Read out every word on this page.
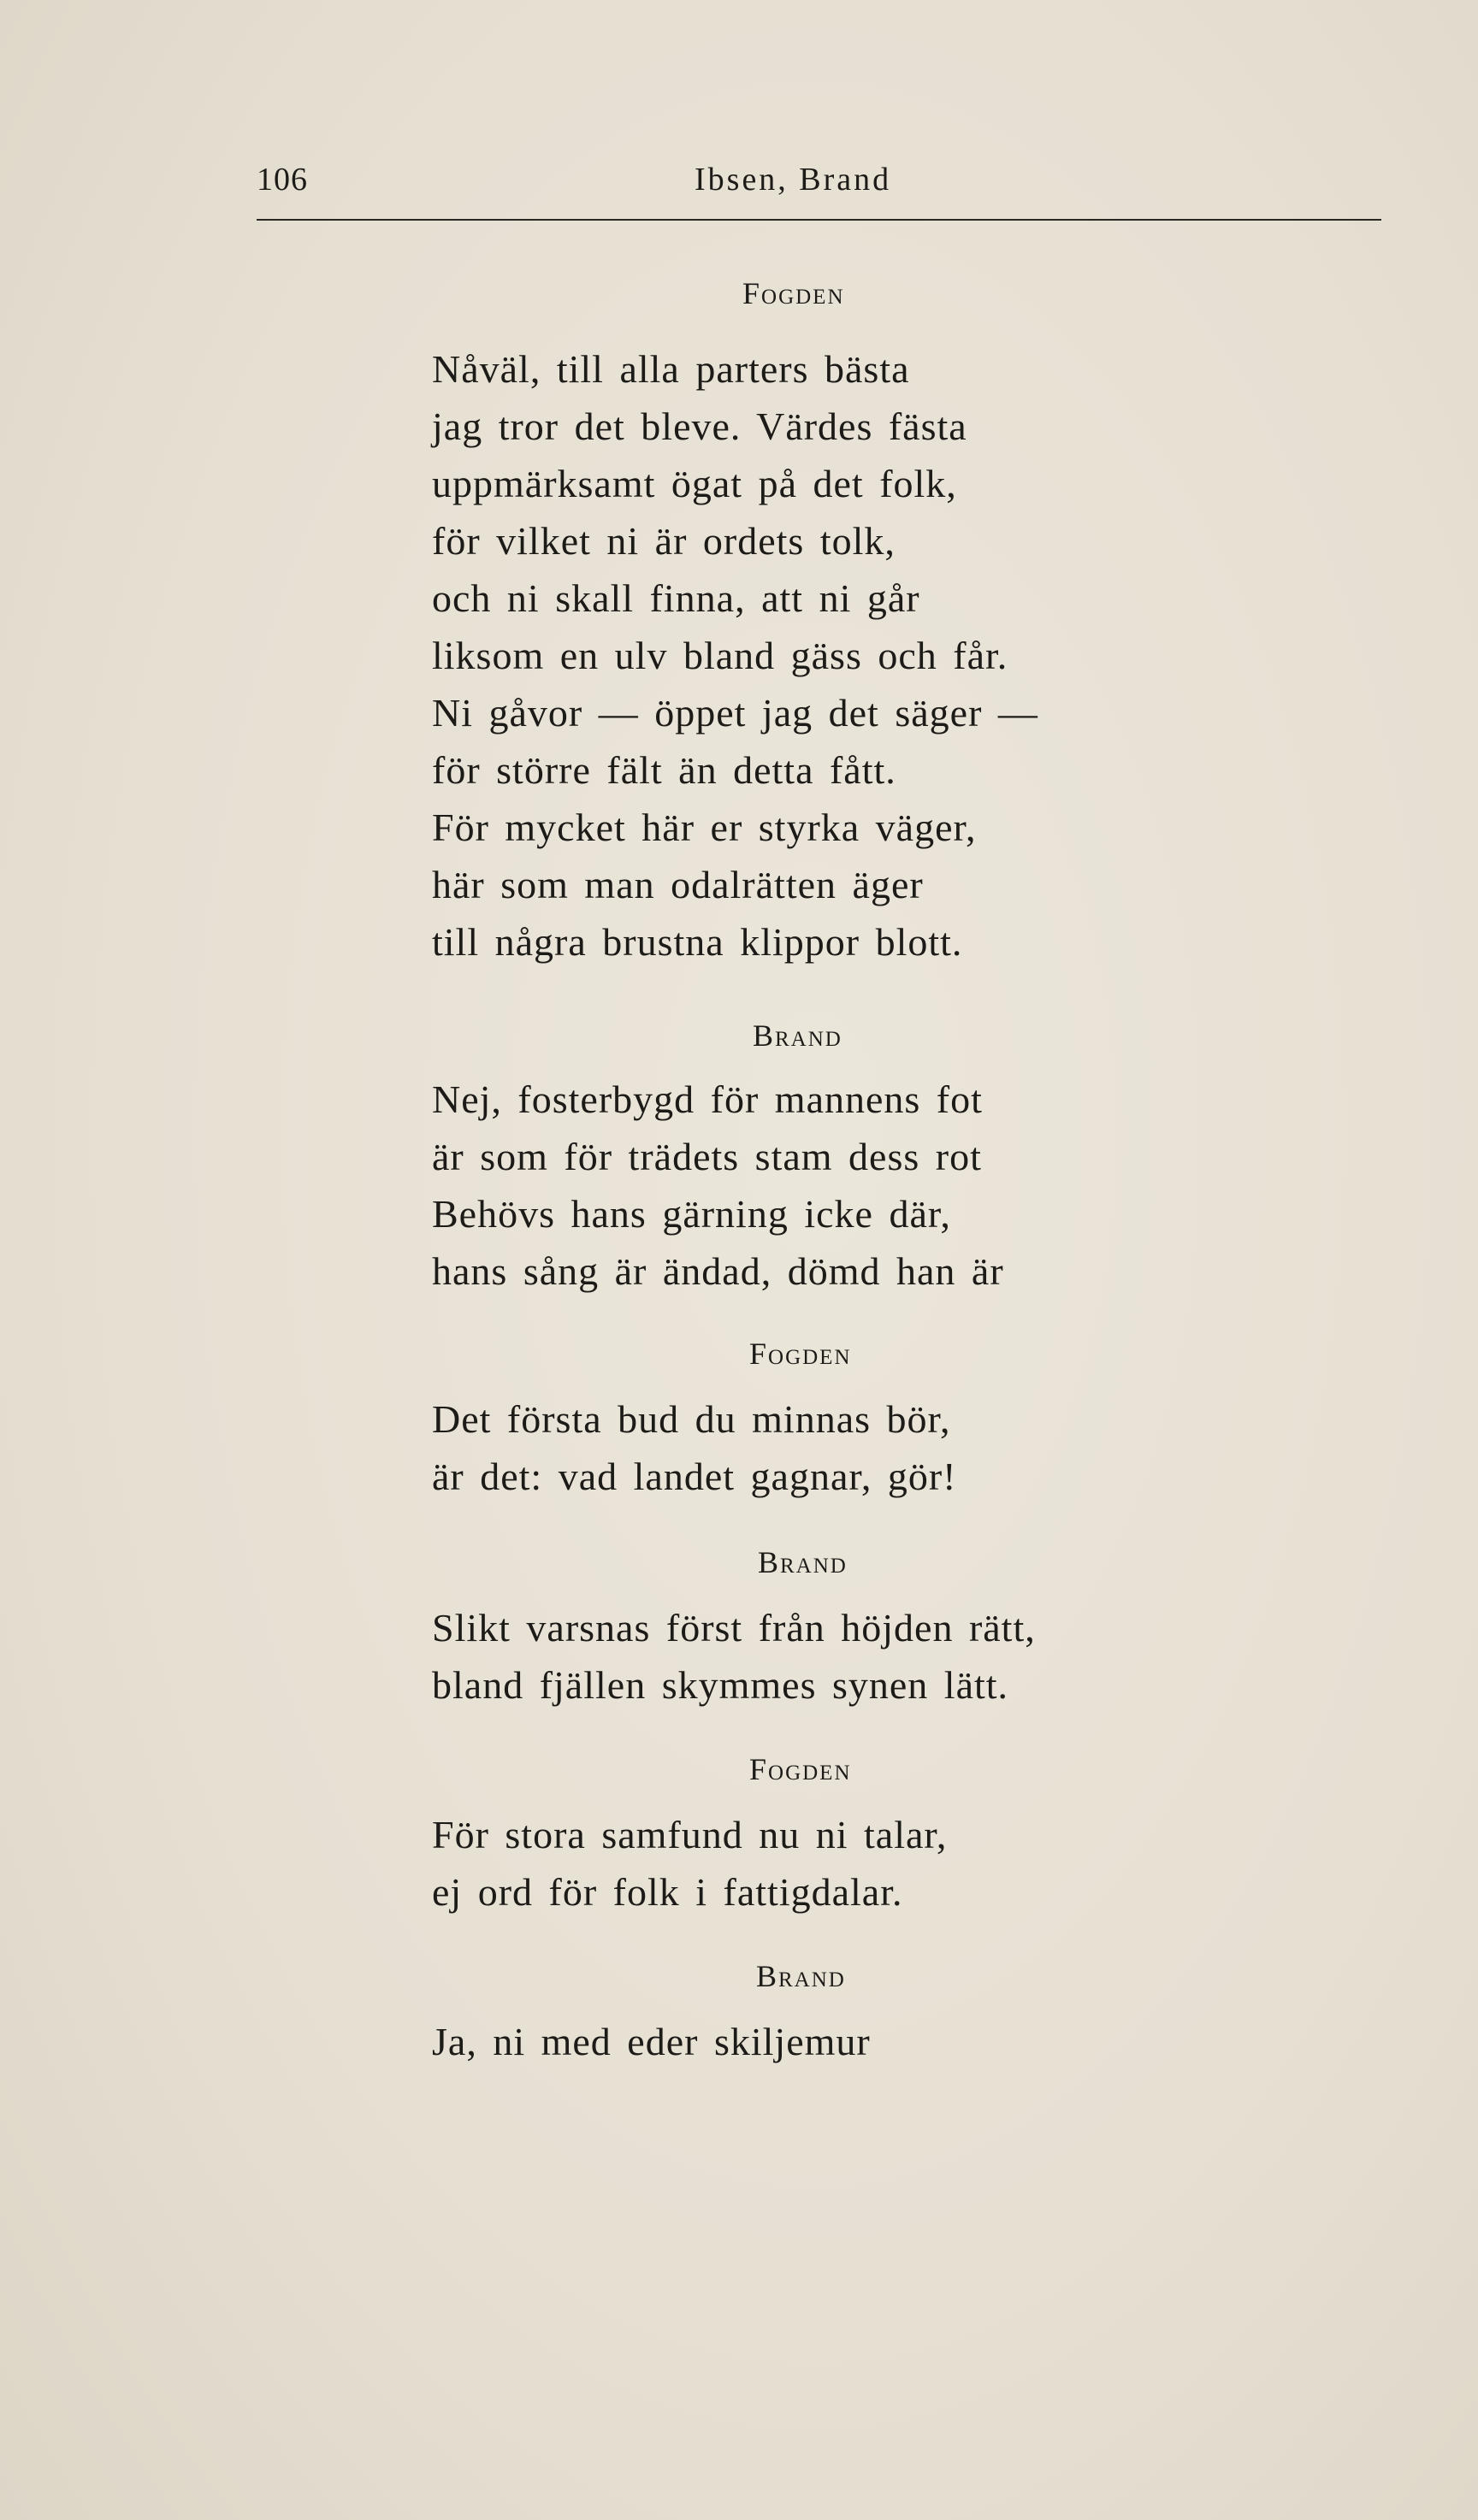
106	Ibsen, Brand
Fogden
Nåväl, till alla parters bästa
jag tror det bleve. Värdes fästa
uppmärksamt ögat på det folk,
för vilket ni är ordets tolk,
och ni skall finna, att ni går
liksom en ulv bland gäss och får.
Ni gåvor — öppet jag det säger —
för större fält än detta fått.
För mycket här er styrka väger,
här som man odalrätten äger
till några brustna klippor blott.
Brand
Nej, fosterbygd för mannens fot
är som för trädets stam dess rot
Behövs hans gärning icke där,
hans sång är ändad, dömd han är
Fogden
Det första bud du minnas bör,
är det: vad landet gagnar, gör!
Brand
Slikt varsnas först från höjden rätt,
bland fjällen skymmes synen lätt.
Fogden
För stora samfund nu ni talar,
ej ord för folk i fattigdalar.
Brand
Ja, ni med eder skiljemur
